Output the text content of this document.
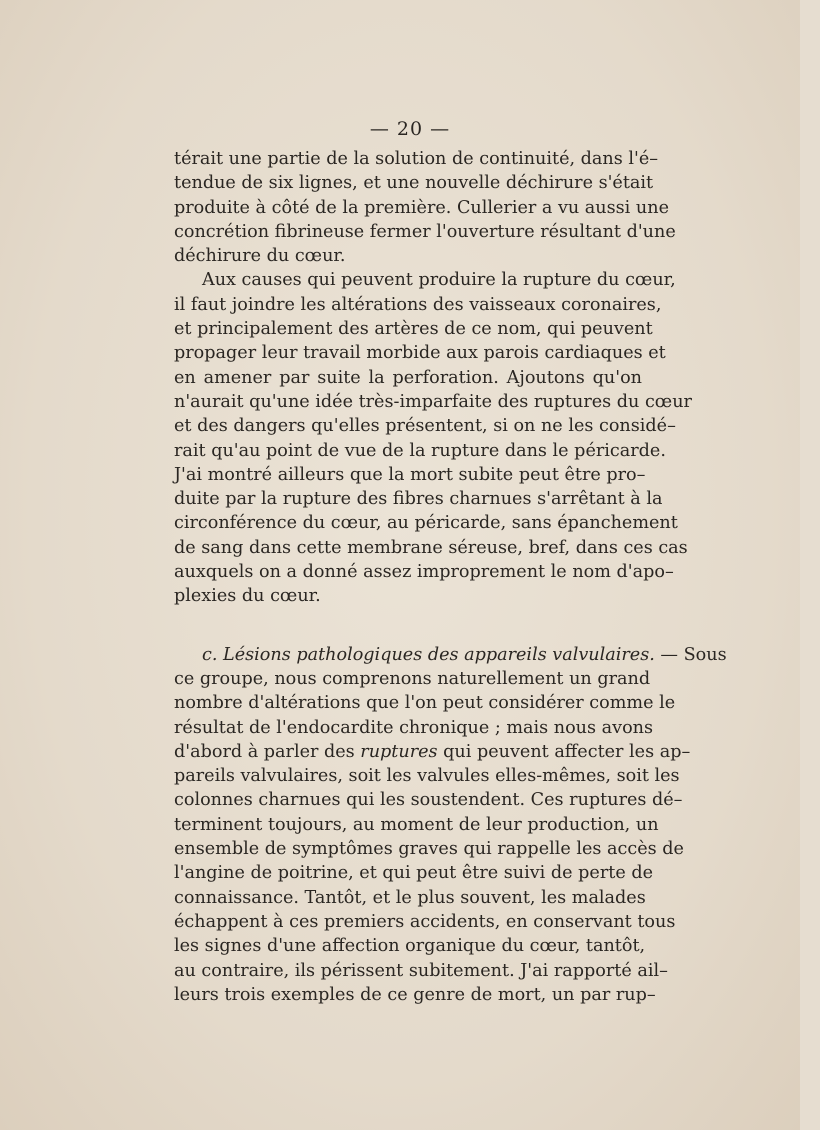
— 20 —
térait une partie de la solution de continuité, dans l'é–
tendue de six lignes, et une nouvelle déchirure s'était
produite à côté de la première. Cullerier a vu aussi une
concrétion fibrineuse fermer l'ouverture résultant d'une
déchirure du cœur.
Aux causes qui peuvent produire la rupture du cœur,
il faut joindre les altérations des vaisseaux coronaires,
et principalement des artères de ce nom, qui peuvent
propager leur travail morbide aux parois cardiaques et
en amener par suite la perforation. Ajoutons qu'on
n'aurait qu'une idée très-imparfaite des ruptures du cœur
et des dangers qu'elles présentent, si on ne les considé–
rait qu'au point de vue de la rupture dans le péricarde.
J'ai montré ailleurs que la mort subite peut être pro–
duite par la rupture des fibres charnues s'arrêtant à la
circonférence du cœur, au péricarde, sans épanchement
de sang dans cette membrane séreuse, bref, dans ces cas
auxquels on a donné assez improprement le nom d'apo–
plexies du cœur.
c. Lésions pathologiques des appareils valvulaires. — Sous
ce groupe, nous comprenons naturellement un grand
nombre d'altérations que l'on peut considérer comme le
résultat de l'endocardite chronique ; mais nous avons
d'abord à parler des ruptures qui peuvent affecter les ap–
pareils valvulaires, soit les valvules elles-mêmes, soit les
colonnes charnues qui les soustendent. Ces ruptures dé–
terminent toujours, au moment de leur production, un
ensemble de symptômes graves qui rappelle les accès de
l'angine de poitrine, et qui peut être suivi de perte de
connaissance. Tantôt, et le plus souvent, les malades
échappent à ces premiers accidents, en conservant tous
les signes d'une affection organique du cœur, tantôt,
au contraire, ils périssent subitement. J'ai rapporté ail–
leurs trois exemples de ce genre de mort, un par rup–
